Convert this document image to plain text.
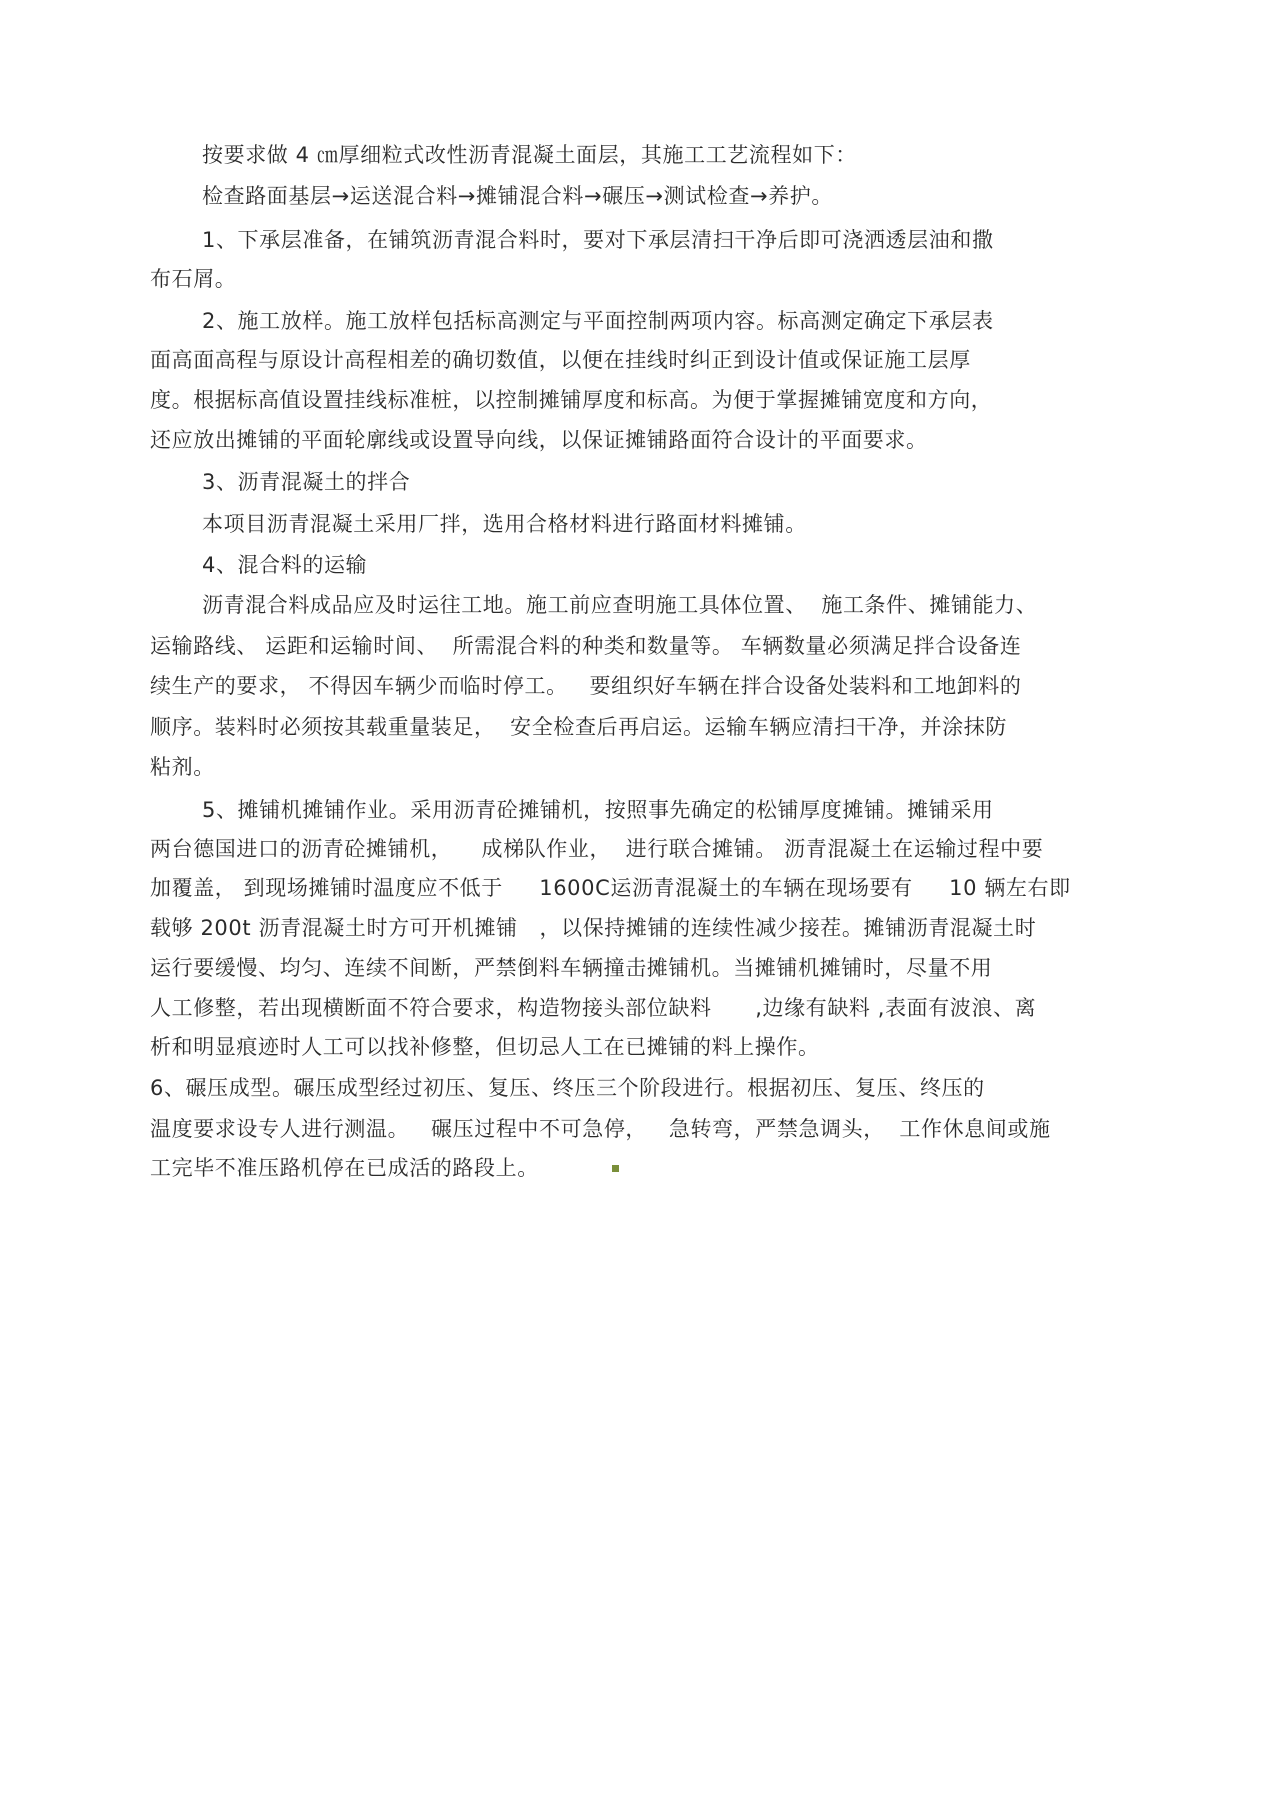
按要求做 4 ㎝厚细粒式改性沥青混凝土面层，其施工工艺流程如下：
检查路面基层→运送混合料→摊铺混合料→碾压→测试检查→养护。
1、下承层准备，在铺筑沥青混合料时，要对下承层清扫干净后即可浇洒透层油和撒
布石屑。
2、施工放样。施工放样包括标高测定与平面控制两项内容。标高测定确定下承层表
面高面高程与原设计高程相差的确切数值，以便在挂线时纠正到设计值或保证施工层厚
度。根据标高值设置挂线标准桩，以控制摊铺厚度和标高。为便于掌握摊铺宽度和方向，
还应放出摊铺的平面轮廓线或设置导向线，以保证摊铺路面符合设计的平面要求。
3、沥青混凝土的拌合
本项目沥青混凝土采用厂拌，选用合格材料进行路面材料摊铺。
4、混合料的运输
沥青混合料成品应及时运往工地。施工前应查明施工具体位置、  施工条件、摊铺能力、
运输路线、 运距和运输时间、  所需混合料的种类和数量等。 车辆数量必须满足拌合设备连
续生产的要求， 不得因车辆少而临时停工。   要组织好车辆在拌合设备处装料和工地卸料的
顺序。装料时必须按其载重量装足，  安全检查后再启运。运输车辆应清扫干净，并涂抹防
粘剂。
5、摊铺机摊铺作业。采用沥青砼摊铺机，按照事先确定的松铺厚度摊铺。摊铺采用
两台德国进口的沥青砼摊铺机，    成梯队作业，  进行联合摊铺。 沥青混凝土在运输过程中要
加覆盖， 到现场摊铺时温度应不低于     1600C运沥青混凝土的车辆在现场要有     10 辆左右即
载够 200t 沥青混凝土时方可开机摊铺   ，以保持摊铺的连续性减少接茬。摊铺沥青混凝土时
运行要缓慢、均匀、连续不间断，严禁倒料车辆撞击摊铺机。当摊铺机摊铺时，尽量不用
人工修整，若出现横断面不符合要求，构造物接头部位缺料      ,边缘有缺料 ,表面有波浪、离
析和明显痕迹时人工可以找补修整，但切忌人工在已摊铺的料上操作。
6、碾压成型。碾压成型经过初压、复压、终压三个阶段进行。根据初压、复压、终压的
温度要求设专人进行测温。   碾压过程中不可急停，   急转弯，严禁急调头，  工作休息间或施
工完毕不准压路机停在已成活的路段上。
